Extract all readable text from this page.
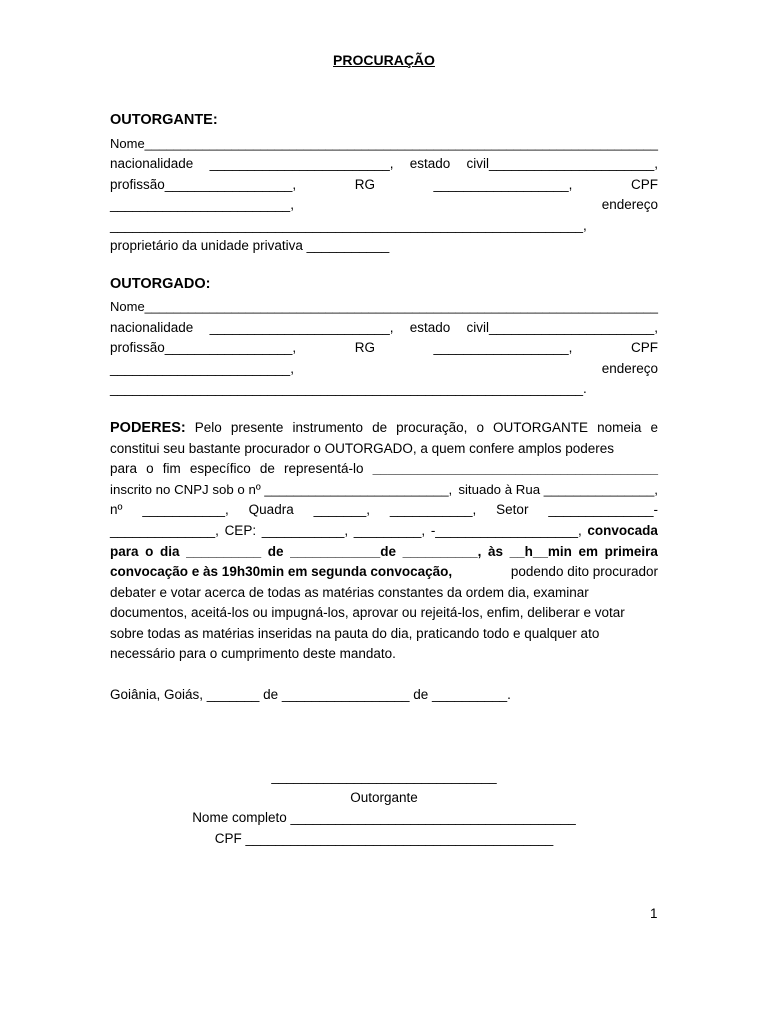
PROCURAÇÃO
OUTORGANTE:
Nome_______________________________________________________________________
nacionalidade ________________________, estado civil______________________,
profissão_________________,	RG	__________________,	CPF
________________________,	endereço
_______________________________________________________________,
proprietário da unidade privativa ___________
OUTORGADO:
Nome_______________________________________________________________________
nacionalidade ________________________, estado civil______________________,
profissão_________________,	RG	__________________,	CPF
________________________,	endereço
_______________________________________________________________.
PODERES: Pelo presente instrumento de procuração, o OUTORGANTE nomeia e
constitui seu bastante procurador o OUTORGADO, a quem confere amplos poderes
para o fim específico de representá-lo ______________________________________
inscrito no CNPJ sob o nº _________________________, situado à Rua _______________,
nº ___________, Quadra _______, ___________, Setor ______________-
______________, CEP: ___________, _________, -___________________, convocada
para o dia __________ de ____________de __________, às __h__min em primeira
convocação e às 19h30min em segunda convocação,	podendo dito procurador
debater e votar acerca de todas as matérias constantes da ordem dia, examinar
documentos, aceitá-los ou impugná-los, aprovar ou rejeitá-los, enfim, deliberar e votar
sobre todas as matérias inseridas na pauta do dia, praticando todo e qualquer ato
necessário para o cumprimento deste mandato.
Goiânia, Goiás, _______ de _________________ de __________.
______________________________
Outorgante
Nome completo ______________________________________
CPF _________________________________________
1
